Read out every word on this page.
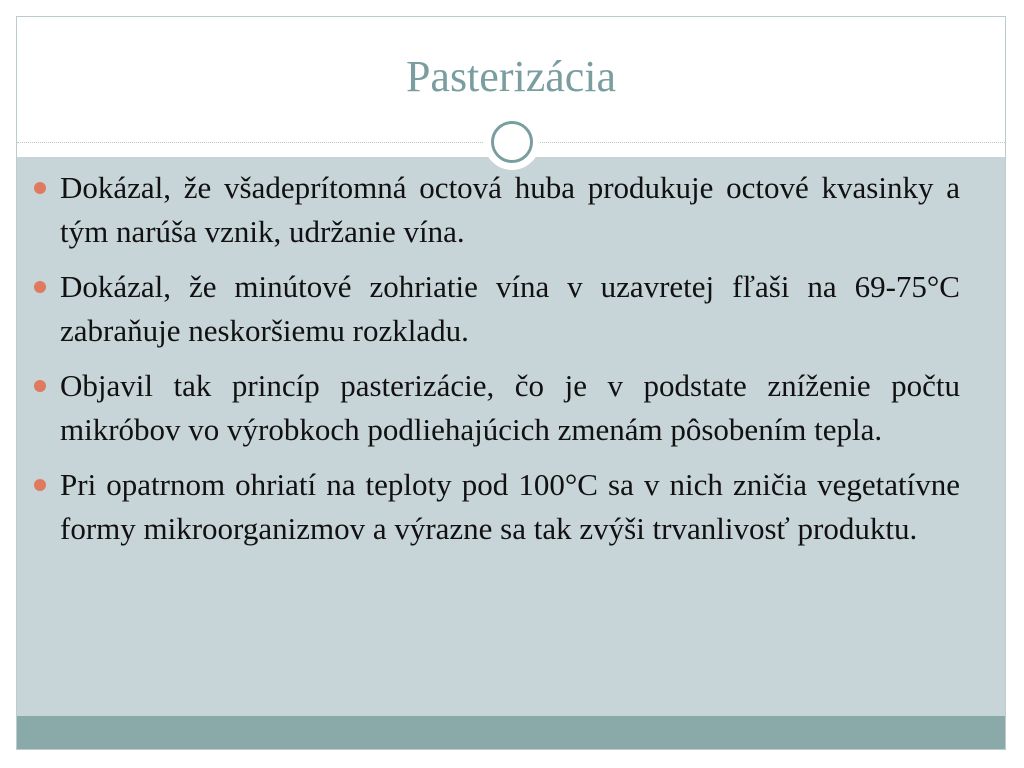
Pasterizácia
Dokázal, že všadeprítomná octová huba produkuje octové kvasinky a tým narúša vznik, udržanie vína.
Dokázal, že minútové zohriatie vína v uzavretej fľaši na 69-75°C zabraňuje neskoršiemu rozkladu.
Objavil tak princíp pasterizácie, čo je v podstate zníženie počtu mikróbov vo výrobkoch podliehajúcich zmenám pôsobením tepla.
Pri opatrnom ohriatí na teploty pod 100°C sa v nich zničia vegetatívne formy mikroorganizmov a výrazne sa tak zvýši trvanlivosť produktu.
